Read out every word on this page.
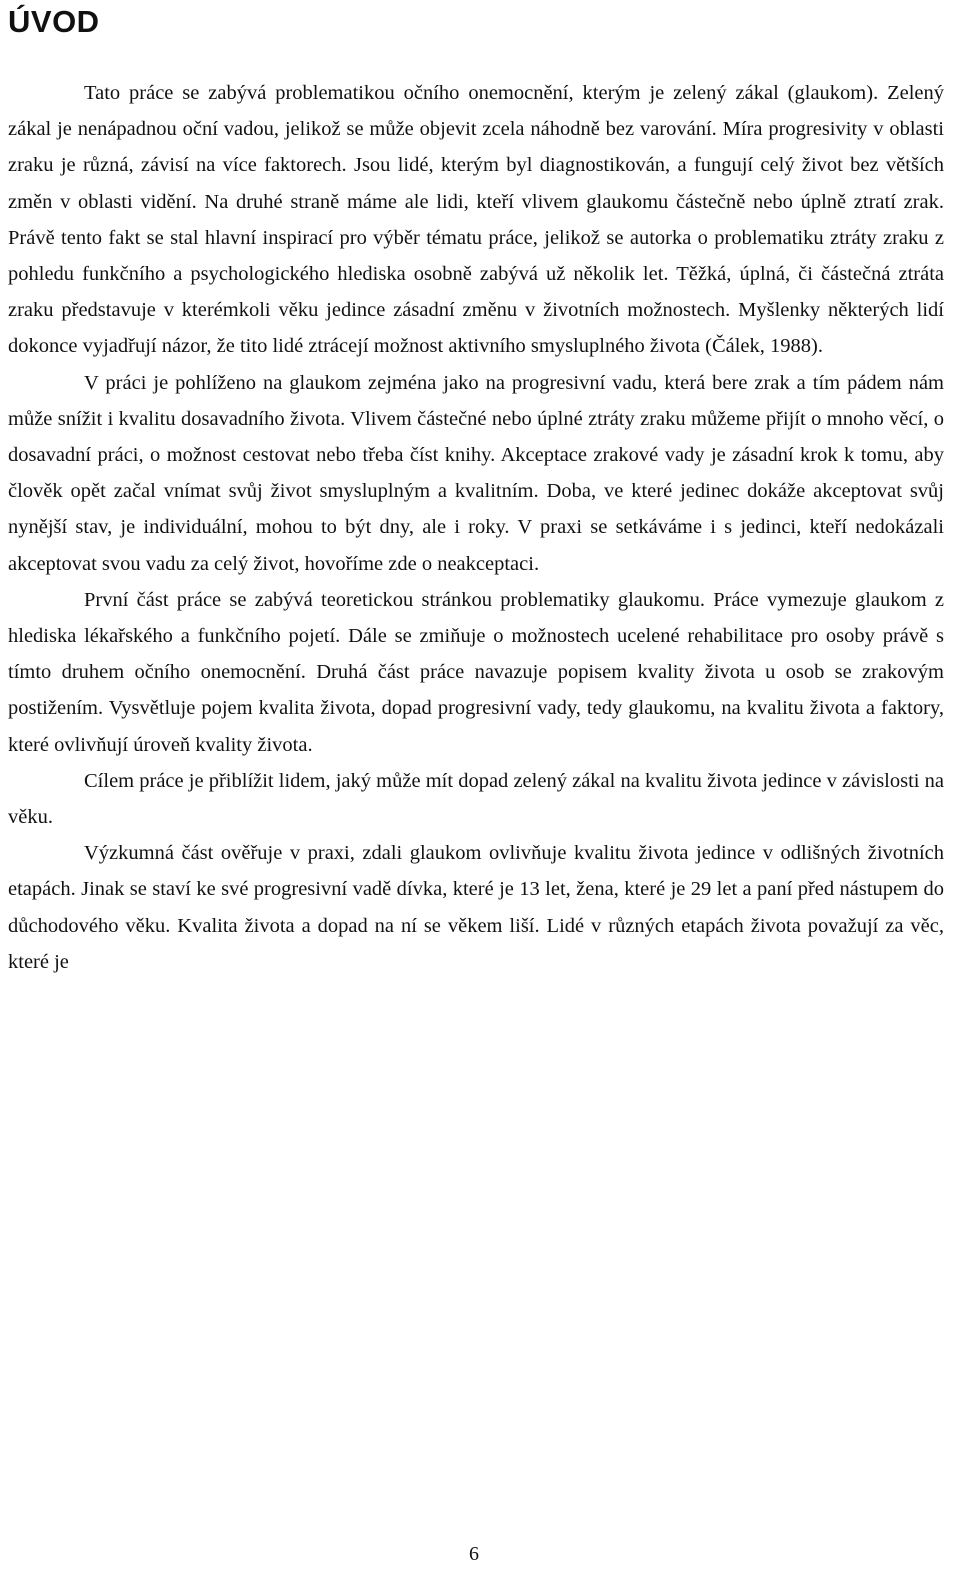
ÚVOD

Tato práce se zabývá problematikou očního onemocnění, kterým je zelený zákal (glaukom). Zelený zákal je nenápadnou oční vadou, jelikož se může objevit zcela náhodně bez varování. Míra progresivity v oblasti zraku je různá, závisí na více faktorech. Jsou lidé, kterým byl diagnostikován, a fungují celý život bez větších změn v oblasti vidění. Na druhé straně máme ale lidi, kteří vlivem glaukomu částečně nebo úplně ztratí zrak. Právě tento fakt se stal hlavní inspirací pro výběr tématu práce, jelikož se autorka o problematiku ztráty zraku z pohledu funkčního a psychologického hlediska osobně zabývá už několik let. Těžká, úplná, či částečná ztráta zraku představuje v kterémkoli věku jedince zásadní změnu v životních možnostech. Myšlenky některých lidí dokonce vyjadřují názor, že tito lidé ztrácejí možnost aktivního smysluplného života (Čálek, 1988).

V práci je pohlíženo na glaukom zejména jako na progresivní vadu, která bere zrak a tím pádem nám může snížit i kvalitu dosavadního života. Vlivem částečné nebo úplné ztráty zraku můžeme přijít o mnoho věcí, o dosavadní práci, o možnost cestovat nebo třeba číst knihy. Akceptace zrakové vady je zásadní krok k tomu, aby člověk opět začal vnímat svůj život smysluplným a kvalitním. Doba, ve které jedinec dokáže akceptovat svůj nynější stav, je individuální, mohou to být dny, ale i roky. V praxi se setkáváme i s jedinci, kteří nedokázali akceptovat svou vadu za celý život, hovoříme zde o neakceptaci.

První část práce se zabývá teoretickou stránkou problematiky glaukomu. Práce vymezuje glaukom z hlediska lékařského a funkčního pojetí. Dále se zmiňuje o možnostech ucelené rehabilitace pro osoby právě s tímto druhem očního onemocnění. Druhá část práce navazuje popisem kvality života u osob se zrakovým postižením. Vysvětluje pojem kvalita života, dopad progresivní vady, tedy glaukomu, na kvalitu života a faktory, které ovlivňují úroveň kvality života.

Cílem práce je přiblížit lidem, jaký může mít dopad zelený zákal na kvalitu života jedince v závislosti na věku.

Výzkumná část ověřuje v praxi, zdali glaukom ovlivňuje kvalitu života jedince v odlišných životních etapách. Jinak se staví ke své progresivní vadě dívka, které je 13 let, žena, které je 29 let a paní před nástupem do důchodového věku. Kvalita života a dopad na ní se věkem liší. Lidé v různých etapách života považují za věc, které je

6
